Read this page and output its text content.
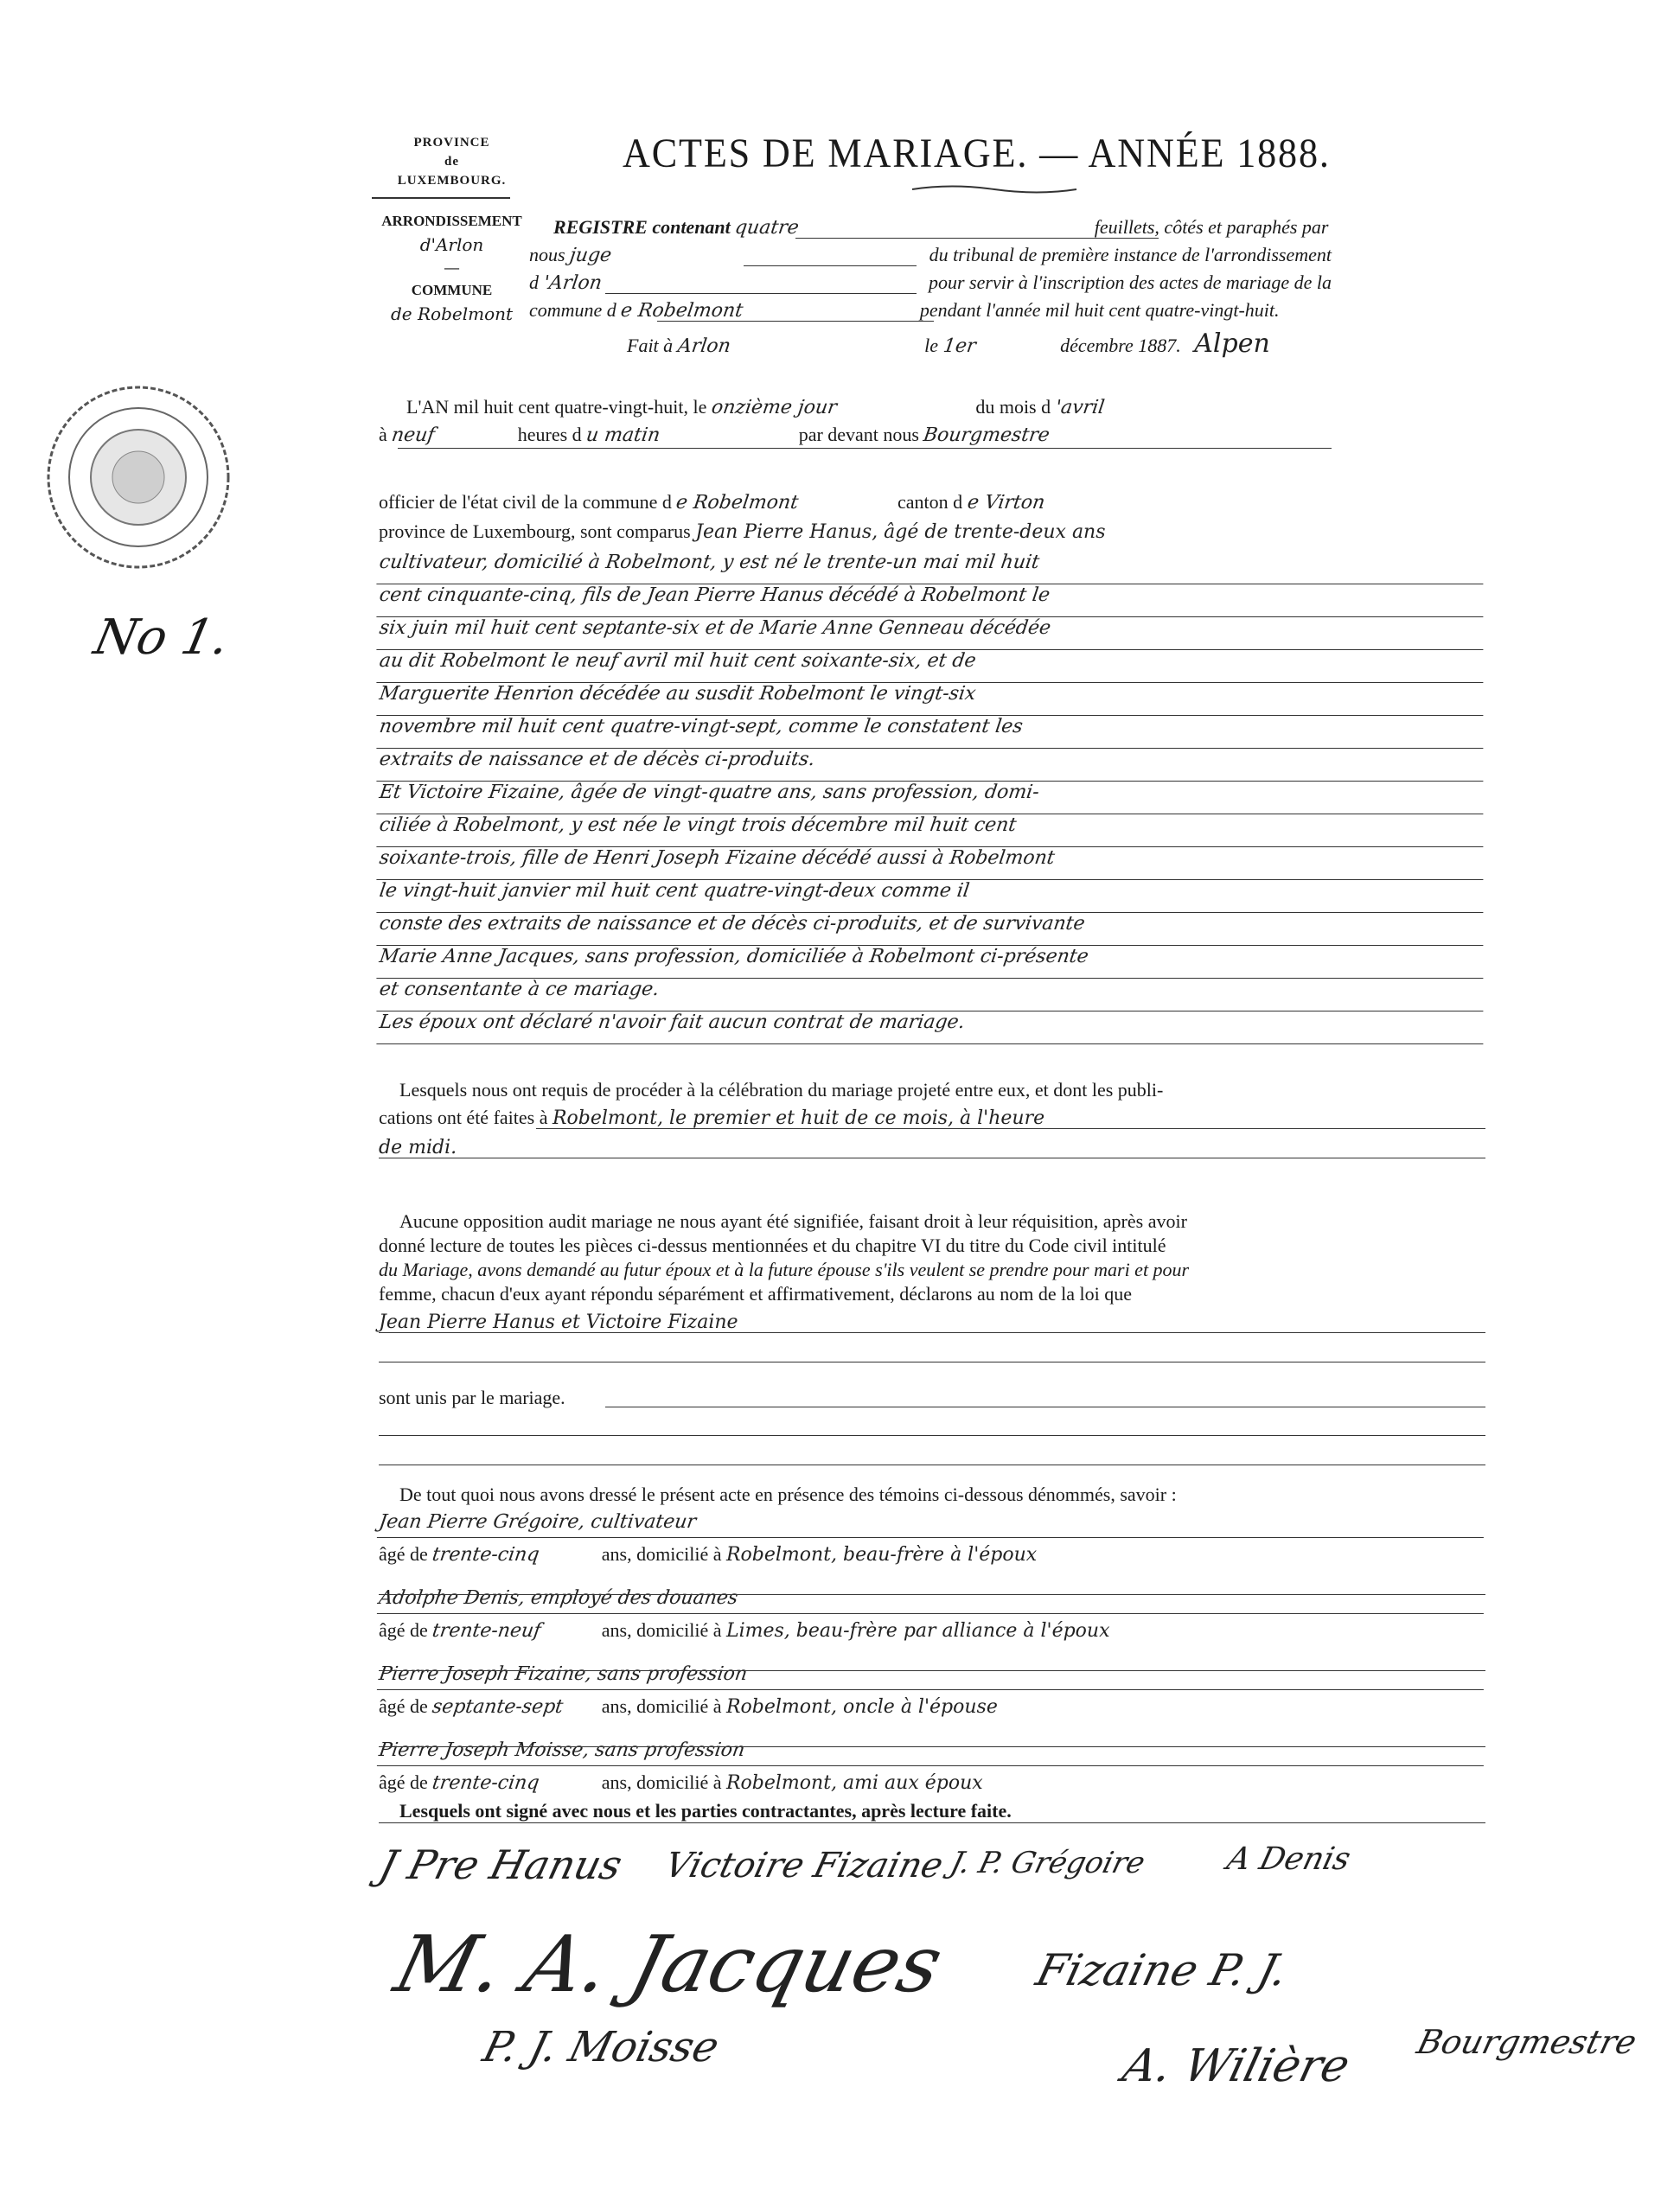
PROVINCE
de
LUXEMBOURG.
ARRONDISSEMENT
d'Arlon
—
COMMUNE
de Robelmont
ACTES DE MARIAGE. — ANNÉE 1888.
REGISTRE contenant quatre	feuillets, côtés et paraphés par
nous juge	du tribunal de première instance de l'arrondissement
d 'Arlon	pour servir à l'inscription des actes de mariage de la
commune d e Robelmont	pendant l'année mil huit cent quatre-vingt-huit.
Fait à Arlon	le 1er	décembre 1887. Alpen
No 1.
L'AN mil huit cent quatre-vingt-huit, le onzième jour	du mois d 'avril
à neuf	heures d u matin	par devant nous Bourgmestre
officier de l'état civil de la commune d e Robelmont	canton d e Virton
province de Luxembourg, sont comparus Jean Pierre Hanus, âgé de trente-deux ans
cultivateur, domicilié à Robelmont, y est né le trente-un mai mil huit
cent cinquante-cinq, fils de Jean Pierre Hanus décédé à Robelmont le
six juin mil huit cent septante-six et de Marie Anne Genneau décédée
au dit Robelmont le neuf avril mil huit cent soixante-six, et de
Marguerite Henrion décédée au susdit Robelmont le vingt-six
novembre mil huit cent quatre-vingt-sept, comme le constatent les
extraits de naissance et de décès ci-produits.
Et Victoire Fizaine, âgée de vingt-quatre ans, sans profession, domi-
ciliée à Robelmont, y est née le vingt trois décembre mil huit cent
soixante-trois, fille de Henri Joseph Fizaine décédé aussi à Robelmont
le vingt-huit janvier mil huit cent quatre-vingt-deux comme il
conste des extraits de naissance et de décès ci-produits, et de survivante
Marie Anne Jacques, sans profession, domiciliée à Robelmont ci-présente
et consentante à ce mariage.
Les époux ont déclaré n'avoir fait aucun contrat de mariage.
Lesquels nous ont requis de procéder à la célébration du mariage projeté entre eux, et dont les publi-
cations ont été faites à Robelmont, le premier et huit de ce mois, à l'heure
de midi.
Aucune opposition audit mariage ne nous ayant été signifiée, faisant droit à leur réquisition, après avoir
donné lecture de toutes les pièces ci-dessus mentionnées et du chapitre VI du titre du Code civil intitulé
du Mariage, avons demandé au futur époux et à la future épouse s'ils veulent se prendre pour mari et pour
femme, chacun d'eux ayant répondu séparément et affirmativement, déclarons au nom de la loi que
Jean Pierre Hanus et Victoire Fizaine
sont unis par le mariage.
De tout quoi nous avons dressé le présent acte en présence des témoins ci-dessous dénommés, savoir :
Jean Pierre Grégoire, cultivateur
âgé de trente-cinq	ans, domicilié à Robelmont, beau-frère à l'époux
Adolphe Denis, employé des douanes
âgé de trente-neuf	ans, domicilié à Limes, beau-frère par alliance à l'époux
Pierre Joseph Fizaine, sans profession
âgé de septante-sept ans, domicilié à Robelmont, oncle à l'épouse
Pierre Joseph Moisse, sans profession
âgé de trente-cinq	ans, domicilié à Robelmont, ami aux époux
Lesquels ont signé avec nous et les parties contractantes, après lecture faite.
J Pre Hanus Victoire Fizaine J. P. Grégoire A Denis
M. A. Jacques Fizaine P. J.
P. J. Moisse	A. Wilière Bourgmestre
